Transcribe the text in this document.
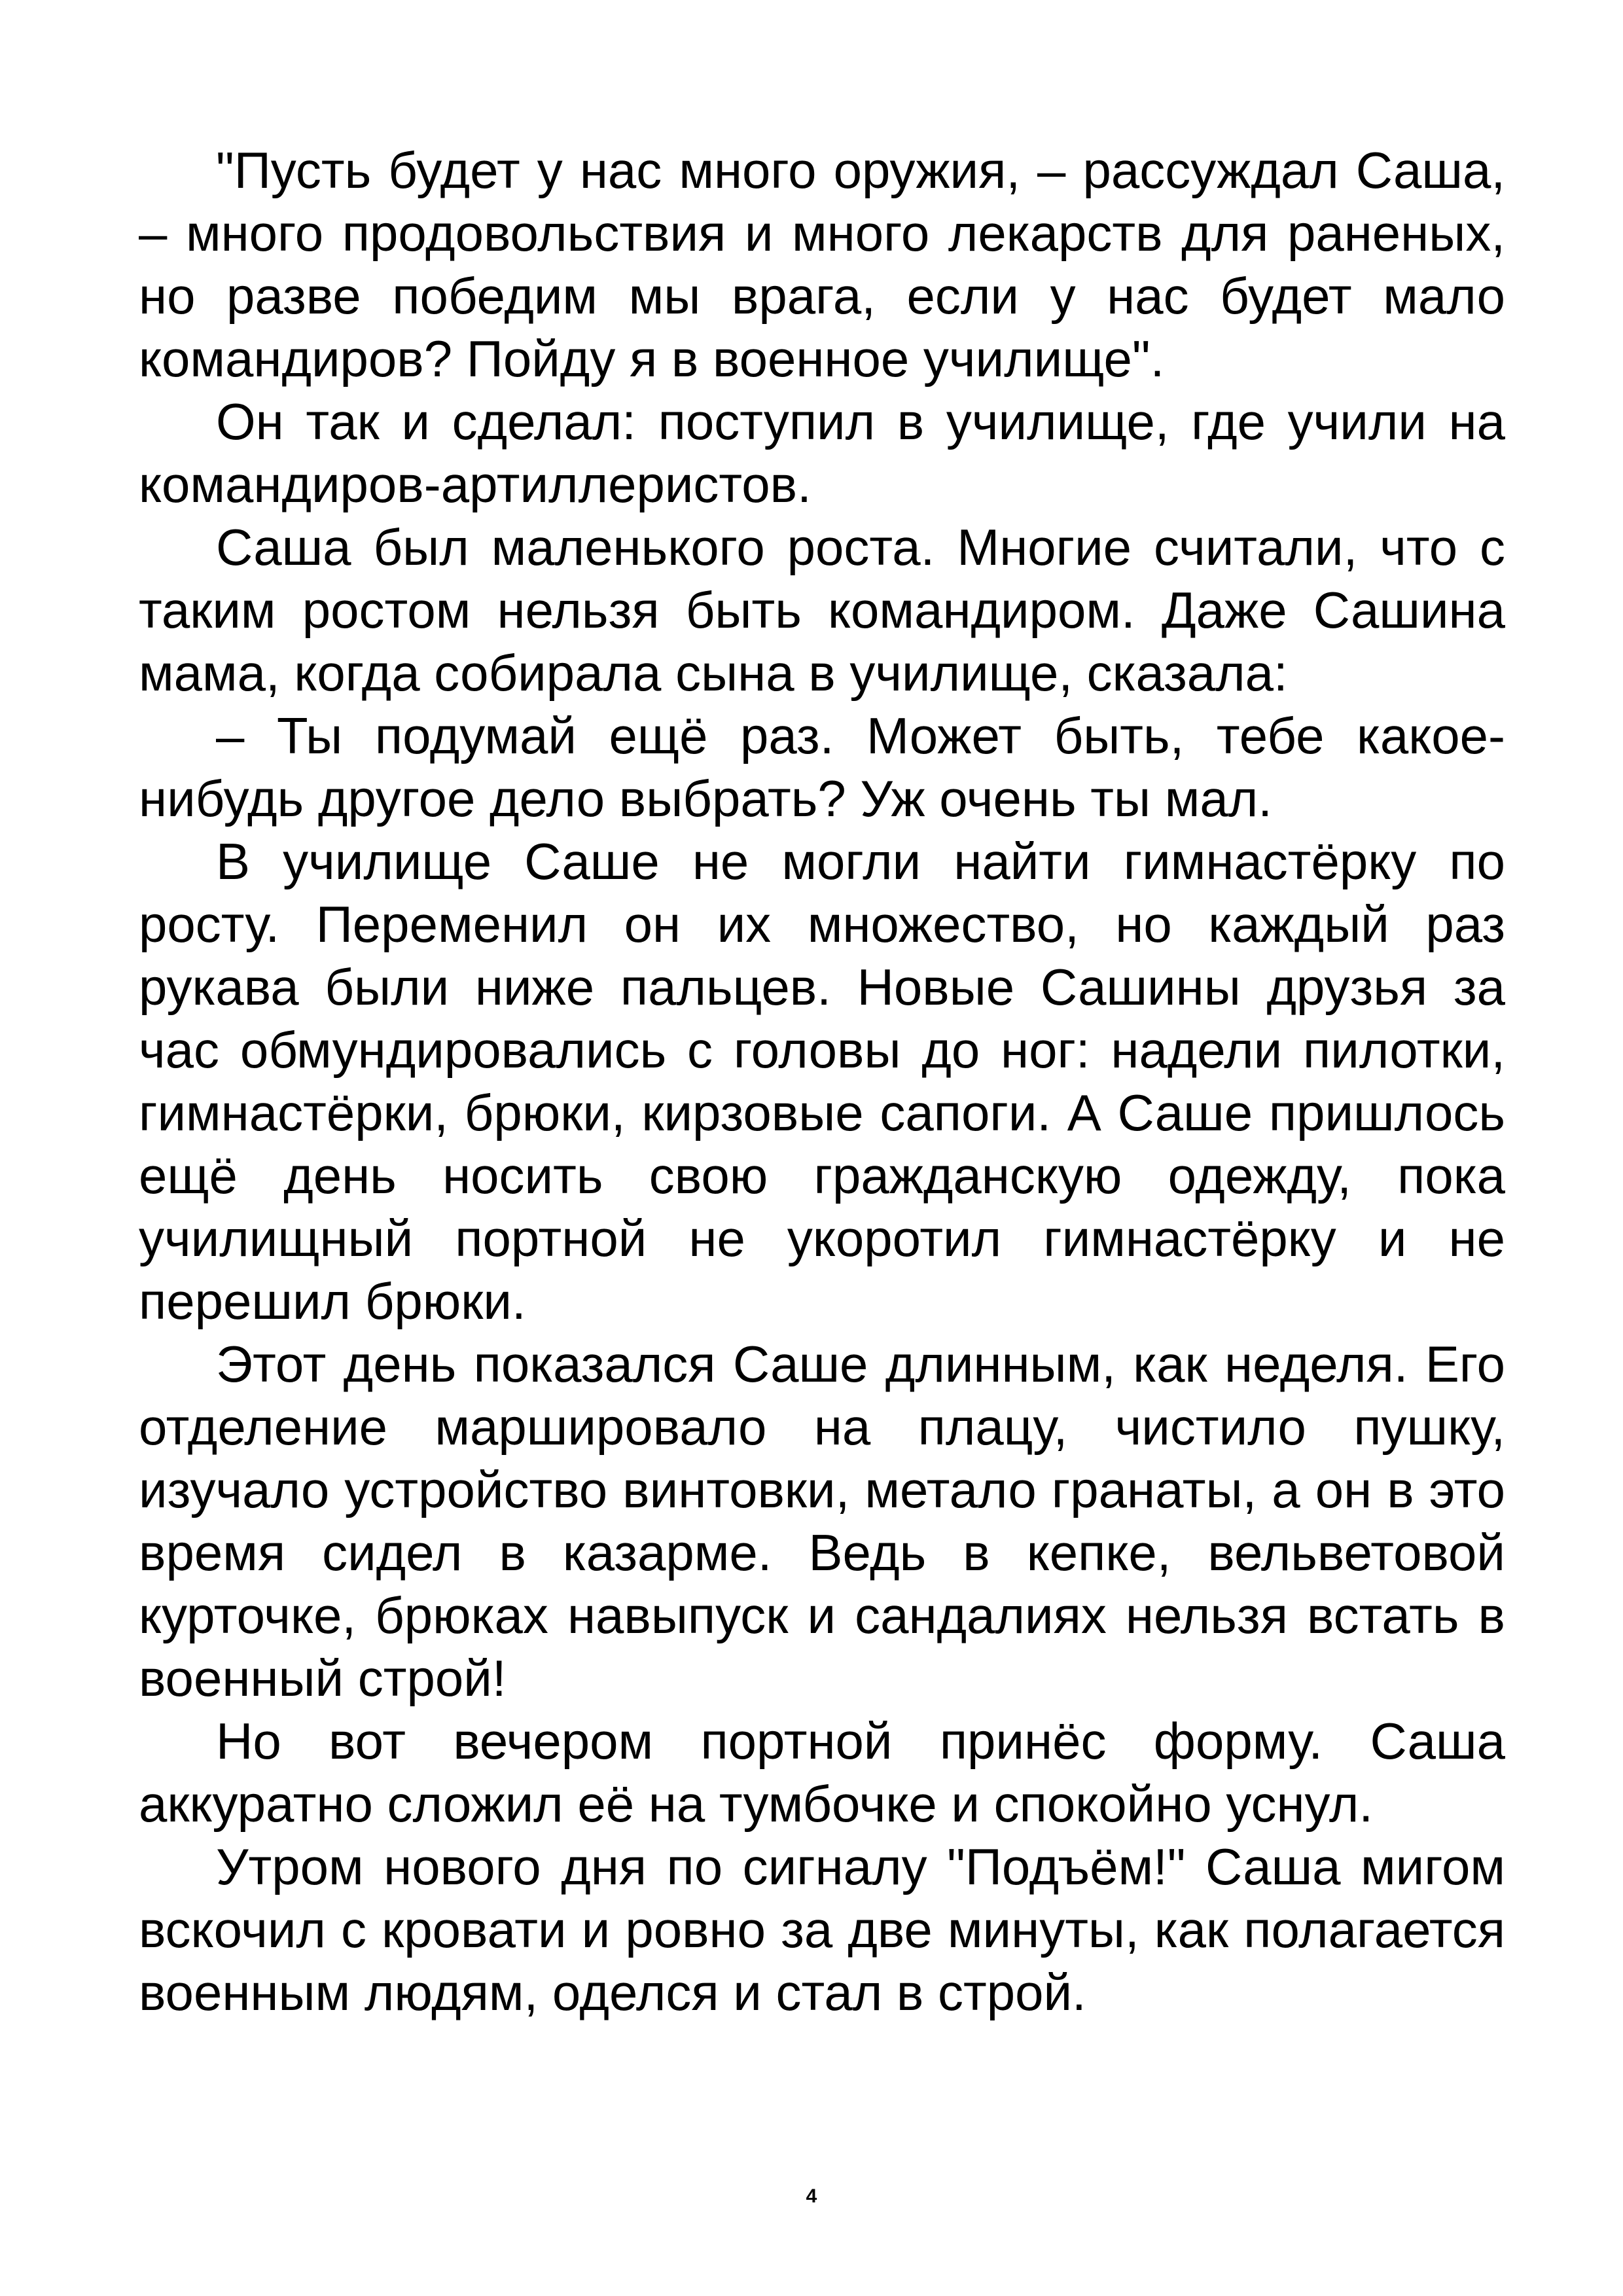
"Пусть будет у нас много оружия, – рассуждал Саша, – много продовольствия и много лекарств для раненых, но разве победим мы врага, если у нас будет мало командиров? Пойду я в военное училище".

Он так и сделал: поступил в училище, где учили на командиров-артиллеристов.

Саша был маленького роста. Многие считали, что с таким ростом нельзя быть командиром. Даже Сашина мама, когда собирала сына в училище, сказала:

– Ты подумай ещё раз. Может быть, тебе какое-нибудь другое дело выбрать? Уж очень ты мал.

В училище Саше не могли найти гимнастёрку по росту. Переменил он их множество, но каждый раз рукава были ниже пальцев. Новые Сашины друзья за час обмундировались с головы до ног: надели пилотки, гимнастёрки, брюки, кирзовые сапоги. А Саше пришлось ещё день носить свою гражданскую одежду, пока училищный портной не укоротил гимнастёрку и не перешил брюки.

Этот день показался Саше длинным, как неделя. Его отделение маршировало на плацу, чистило пушку, изучало устройство винтовки, метало гранаты, а он в это время сидел в казарме. Ведь в кепке, вельветовой курточке, брюках навыпуск и сандалиях нельзя встать в военный строй!

Но вот вечером портной принёс форму. Саша аккуратно сложил её на тумбочке и спокойно уснул.

Утром нового дня по сигналу "Подъём!" Саша мигом вскочил с кровати и ровно за две минуты, как полагается военным людям, оделся и стал в строй.

4
